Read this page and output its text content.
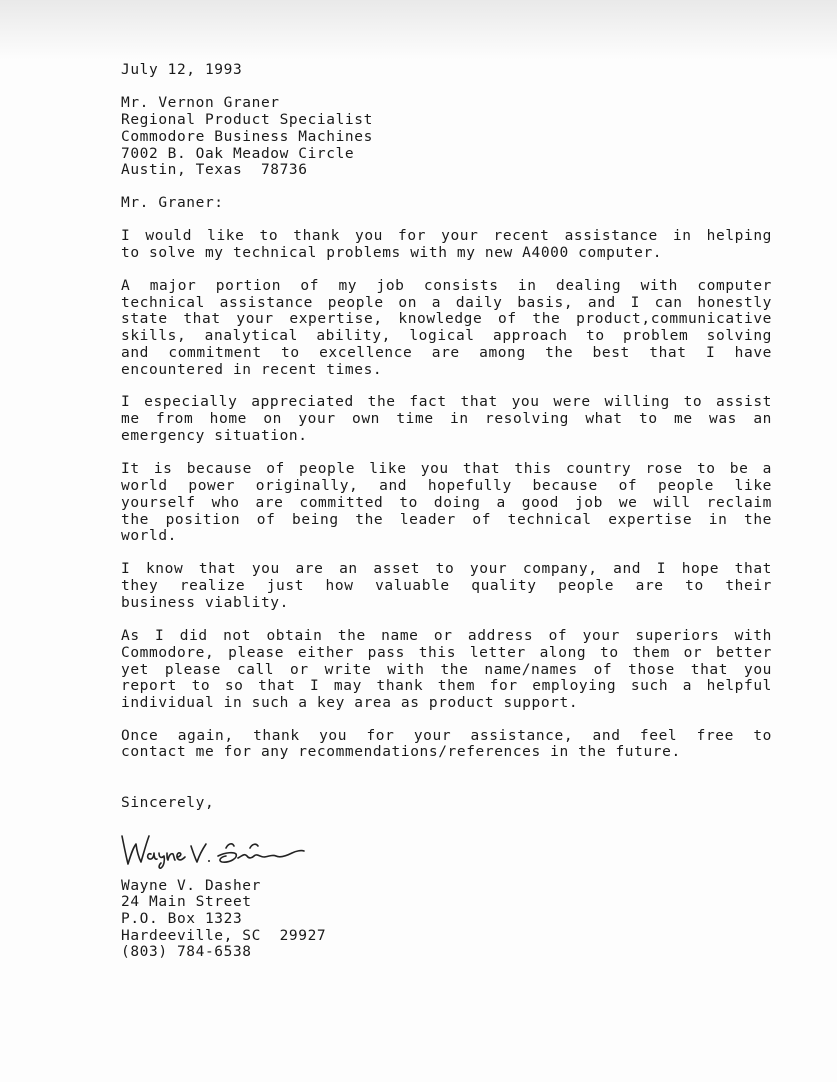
July 12, 1993
Mr. Vernon Graner
Regional Product Specialist
Commodore Business Machines
7002 B. Oak Meadow Circle
Austin, Texas  78736
Mr. Graner:
I would like to thank you for your recent assistance in helping
to solve my technical problems with my new A4000 computer.
A major portion of my job consists in dealing with computer
technical assistance people on a daily basis, and I can honestly
state that your expertise, knowledge of the product,communicative
skills, analytical ability, logical approach to problem solving
and commitment to excellence are among the best that I have
encountered in recent times.
I especially appreciated the fact that you were willing to assist
me from home on your own time in resolving what to me was an
emergency situation.
It is because of people like you that this country rose to be a
world power originally, and hopefully because of people like
yourself who are committed to doing a good job we will reclaim
the position of being the leader of technical expertise in the
world.
I know that you are an asset to your company, and I hope that
they realize just how valuable quality people are to their
business viablity.
As I did not obtain the name or address of your superiors with
Commodore, please either pass this letter along to them or better
yet please call or write with the name/names of those that you
report to so that I may thank them for employing such a helpful
individual in such a key area as product support.
Once again, thank you for your assistance, and feel free to
contact me for any recommendations/references in the future.
Sincerely,
Wayne V. Dasher
24 Main Street
P.O. Box 1323
Hardeeville, SC  29927
(803) 784-6538
